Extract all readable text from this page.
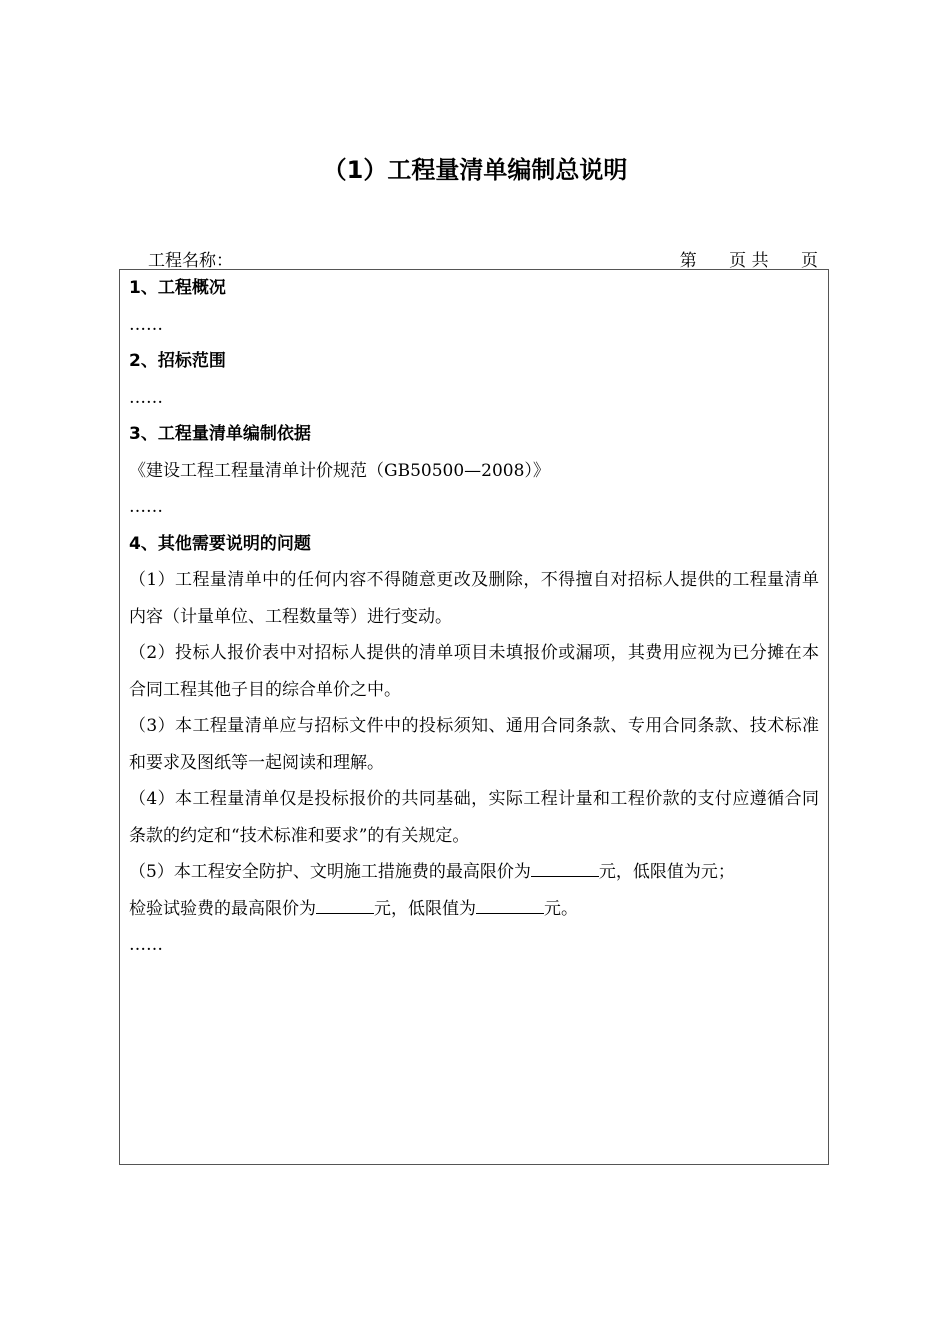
（1）工程量清单编制总说明
工程名称：	第      页 共      页
1、工程概况
……
2、招标范围
……
3、工程量清单编制依据
《建设工程工程量清单计价规范（GB50500—2008）》
……
4、其他需要说明的问题
（1）工程量清单中的任何内容不得随意更改及删除，不得擅自对招标人提供的工程量清单内容（计量单位、工程数量等）进行变动。
（2）投标人报价表中对招标人提供的清单项目未填报价或漏项，其费用应视为已分摊在本合同工程其他子目的综合单价之中。
（3）本工程量清单应与招标文件中的投标须知、通用合同条款、专用合同条款、技术标准和要求及图纸等一起阅读和理解。
（4）本工程量清单仅是投标报价的共同基础，实际工程计量和工程价款的支付应遵循合同条款的约定和“技术标准和要求”的有关规定。
（5）本工程安全防护、文明施工措施费的最高限价为	元，低限值为元；
检验试验费的最高限价为	元，低限值为	元。
……
